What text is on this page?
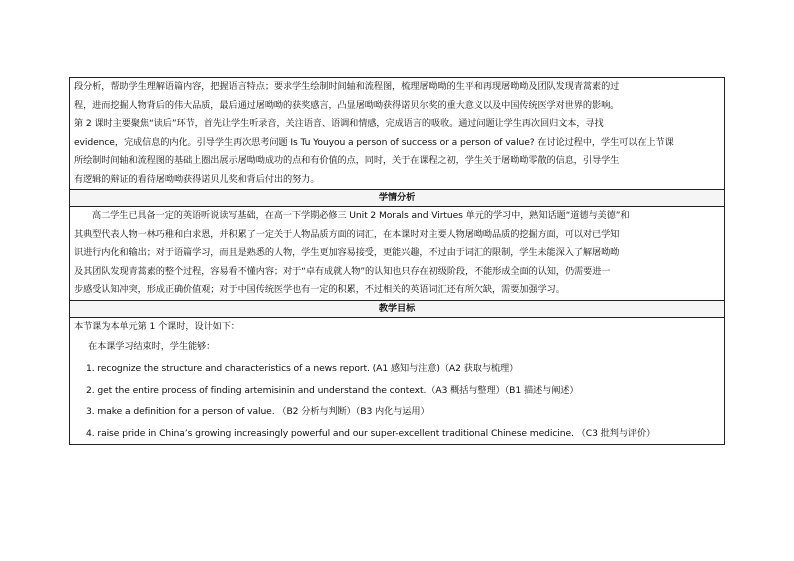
段分析，帮助学生理解语篇内容，把握语言特点；要求学生绘制时间轴和流程图，梳理屠呦呦的生平和再现屠呦呦及团队发现青蒿素的过
程，进而挖掘人物背后的伟大品质，最后通过屠呦呦的获奖感言，凸显屠呦呦获得诺贝尔奖的重大意义以及中国传统医学对世界的影响。
第 2 课时主要聚焦“读后”环节，首先让学生听录音，关注语音、语调和情感，完成语言的吸收。通过问题让学生再次回归文本，寻找
evidence，完成信息的内化。引导学生再次思考问题 Is Tu Youyou a person of success or a person of value? 在讨论过程中，学生可以在上节课
所绘制时间轴和流程图的基础上圈出展示屠呦呦成功的点和有价值的点，同时，关于在课程之初，学生关于屠呦呦零散的信息，引导学生
有逻辑的辩证的看待屠呦呦获得诺贝儿奖和背后付出的努力。

学情分析

高二学生已具备一定的英语听说读写基础，在高一下学期必修三 Unit 2 Morals and Virtues 单元的学习中，熟知话题“道德与美德”和
其典型代表人物一林巧稚和白求恩，并积累了一定关于人物品质方面的词汇，在本课时对主要人物屠呦呦品质的挖掘方面，可以对已学知
识进行内化和输出；对于语篇学习，而且是熟悉的人物，学生更加容易接受，更能兴趣，不过由于词汇的限制，学生未能深入了解屠呦呦
及其团队发现青蒿素的整个过程，容易看不懂内容；对于“卓有成就人物”的认知也只存在初级阶段，不能形成全面的认知，仍需要进一
步感受认知冲突，形成正确价值观；对于中国传统医学也有一定的积累，不过相关的英语词汇还有所欠缺，需要加强学习。

教学目标

本节课为本单元第 1 个课时，设计如下：
在本课学习结束时，学生能够：
1. recognize the structure and characteristics of a news report. (A1 感知与注意)（A2 获取与梳理）
2. get the entire process of finding artemisinin and understand the context.（A3 概括与整理）（B1 描述与阐述）
3. make a definition for a person of value. （B2 分析与判断）（B3 内化与运用）
4. raise pride in China’s growing increasingly powerful and our super-excellent traditional Chinese medicine. （C3 批判与评价）
